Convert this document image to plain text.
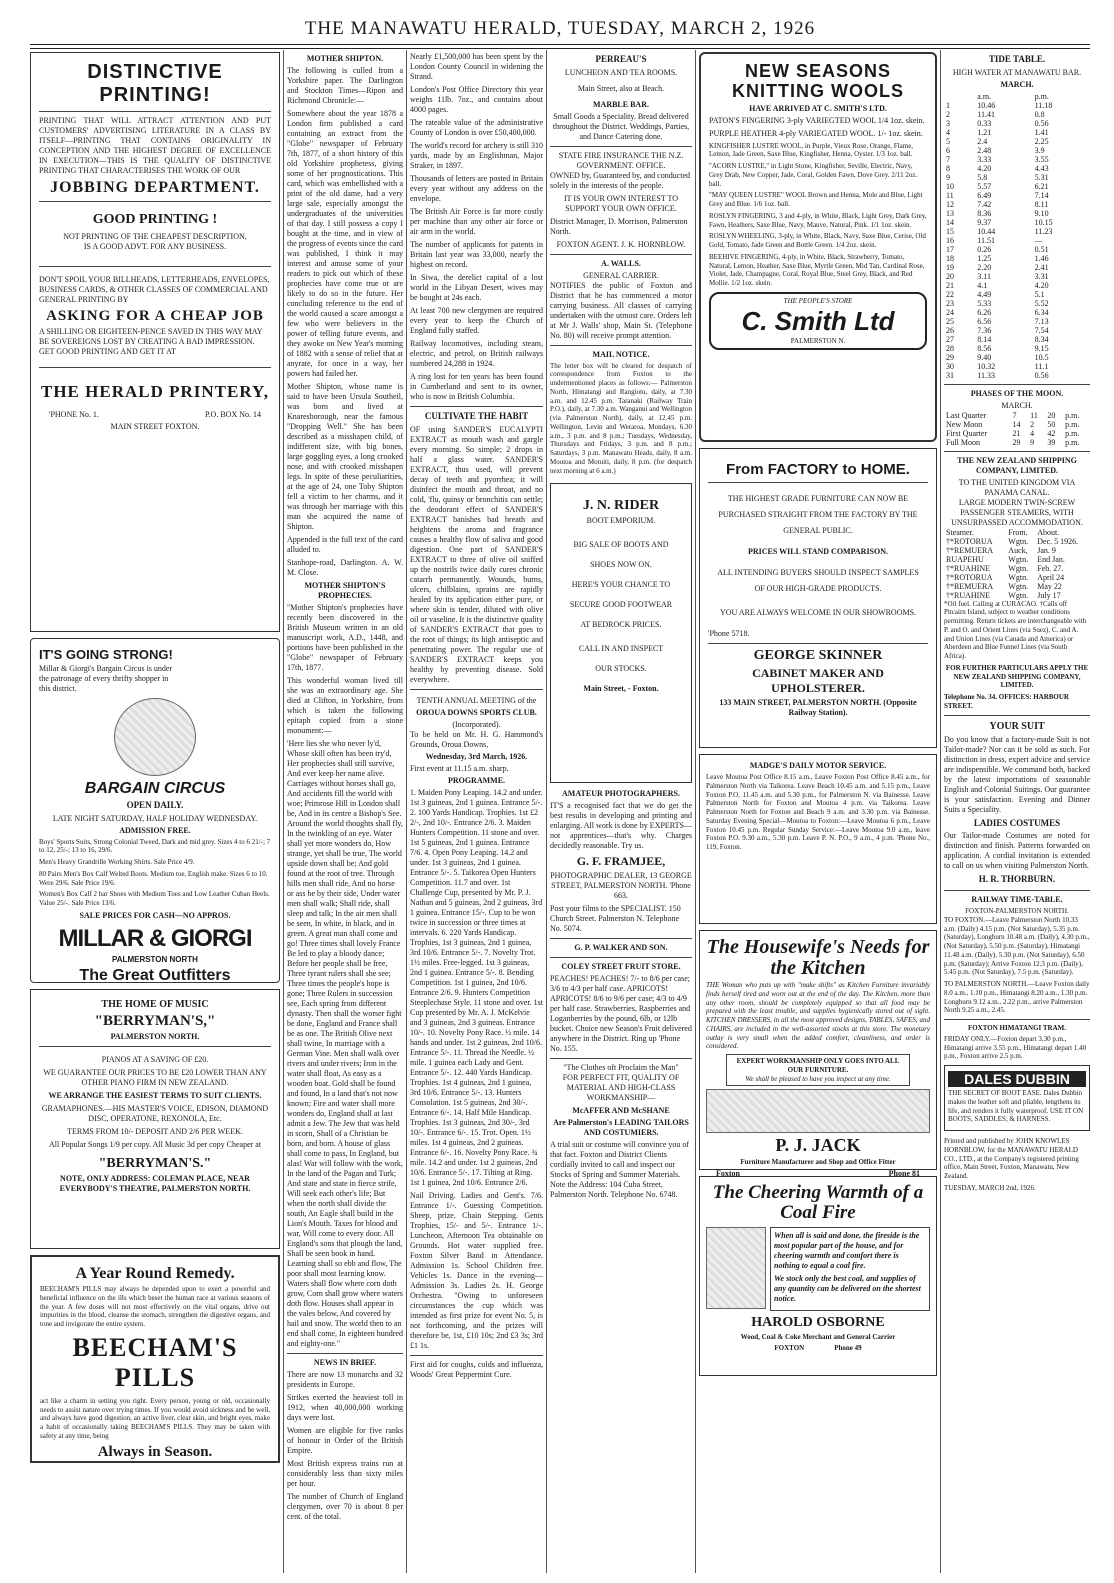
THE MANAWATU HERALD, TUESDAY, MARCH 2, 1926
DISTINCTIVE PRINTING!

PRINTING THAT WILL ATTRACT ATTENTION AND PUT CUSTOMERS' ADVERTISING LITERATURE IN A CLASS BY ITSELF—PRINTING THAT CONTAINS ORIGINALITY IN CONCEPTION AND THE HIGHEST DEGREE OF EXCELLENCE IN EXECUTION—THIS IS THE QUALITY OF DISTINCTIVE PRINTING THAT CHARACTERISES THE WORK OF OUR

JOBBING DEPARTMENT.
GOOD PRINTING !

NOT PRINTING OF THE CHEAPEST DESCRIPTION, IS A GOOD ADVT. FOR ANY BUSINESS.

DON'T SPOIL YOUR BILLHEADS, LETTERHEADS, ENVELOPES, BUSINESS CARDS, & OTHER CLASSES OF COMMERCIAL AND GENERAL PRINTING BY

ASKING FOR A CHEAP JOB

A SHILLING OR EIGHTEEN-PENCE SAVED IN THIS WAY MAY BE SOVEREIGNS LOST BY CREATING A BAD IMPRESSION. GET GOOD PRINTING AND GET IT AT

THE HERALD PRINTERY,
'PHONE No. 1.	P.O. BOX No. 14
MAIN STREET FOXTON.
IT'S GOING STRONG!

Millar & Giorgi's Bargain Circus is under the patronage of every thrifty shopper in this district.

BARGAIN CIRCUS
OPEN DAILY.
LATE NIGHT SATURDAY, HALF HOLIDAY WEDNESDAY.
ADMISSION FREE.

Boys' Sports Suits, Strong Colonial Tweed, Dark and mid grey. Sizes 4 to 6 21/-; 7 to 12, 25/-; 13 to 16, 29/6.

Men's Heavy Grandrille Working Shirts. Sale Price 4/9.

80 Pairs Men's Box Calf Welted Boots. Medium toe, English make. Sizes 6 to 10. Were 29/6. Sale Price 19/6.

Women's Box Calf 2 bar Shoes with Medium Toes and Low Leather Cuban Heels. Value 25/-. Sale Price 13/6.

SALE PRICES FOR CASH—NO APPROS.
MILLAR & GIORGI
PALMERSTON NORTH
The Great Outfitters
THE HOME OF MUSIC
"BERRYMAN'S,"
PALMERSTON NORTH.

PIANOS AT A SAVING OF £20.

WE GUARANTEE OUR PRICES TO BE £20 LOWER THAN ANY OTHER PIANO FIRM IN NEW ZEALAND.

WE ARRANGE THE EASIEST TERMS TO SUIT CLIENTS.

GRAMAPHONES.—HIS MASTER'S VOICE, EDISON, DIAMOND DISC, OPERATONE, REXONOLA, Etc.

TERMS FROM 10/- DEPOSIT AND 2/6 PER WEEK.

All Popular Songs 1/9 per copy. All Music 3d per copy Cheaper at

"BERRYMAN'S."

NOTE, ONLY ADDRESS: COLEMAN PLACE, NEAR EVERYBODY'S THEATRE, PALMERSTON NORTH.

A Year Round Remedy.

BEECHAM'S PILLS may always be depended upon to exert a powerful and beneficial influence on the ills which beset the human race at various seasons of the year. A few doses will not most effectively on the vital organs, drive out impurities in the blood, cleanse the stomach, strengthen the digestive organs, and tone and invigorate the entire system.

BEECHAM'S PILLS

act like a charm in setting you right. Every person, young or old, occasionally needs to assist nature over trying times. If you would avoid sickness and be well, and always have good digestion, an active liver, clear skin, and bright eyes, make a habit of occasionally taking BEECHAM'S PILLS. They may be taken with safety at any time, being

Always in Season.
MOTHER SHIPTON.

The following is culled from a Yorkshire paper. The Darlington and Stockton Times—Ripon and Richmond Chronicle:—

Somewhere about the year 1878 a London firm published a card containing an extract from the "Globe" newspaper of February 7th, 1877, of a short history of this old Yorkshire prophetess, giving some of her prognostications. This card, which was embellished with a print of the old dame, had a very large sale, especially amongst the undergraduates of the universities of that day. I still possess a copy I bought at the time, and in view of the progress of events since the card was published, I think it may interest and amuse some of your readers to pick out which of these prophecies have come true or are likely to do so in the future. Her concluding reference to the end of the world caused a scare amongst a few who were believers in the power of telling future events, and they awoke on New Year's morning of 1882 with a sense of relief that at anyrate, for once in a way, her powers had failed her.

Mother Shipton, whose name is said to have been Ursula Southeil, was born and lived at Knaresborough, near the famous "Dropping Well." She has been described as a misshapen child, of indifferent size, with big bones, large goggling eyes, a long crooked nose, and with crooked misshapen legs. In spite of these peculiarities, at the age of 24, one Toby Shipton fell a victim to her charms, and it was through her marriage with this man she acquired the name of Shipton.

Appended is the full text of the card alluded to.

Stanhope-road, Darlington. A. W. M. Close.

MOTHER SHIPTON'S PROPHECIES.

"Mother Shipton's prophecies have recently been discovered in the British Museum written in an old manuscript work, A.D., 1448, and portions have been published in the "Globe" newspaper of February 17th, 1877.

This wonderful woman lived till she was an extraordinary age. She died at Clifton, in Yorkshire, from which is taken the following epitaph copied from a stone monument:—

'Here lies she who never ly'd, Whose skill often has been try'd, Her prophecies shall still survive, And ever keep her name alive. Carriages without horses shall go, And accidents fill the world with woe; Primrose Hill in London shall be, And in its centre a Bishop's See. Around the world thoughts shall fly, In the twinkling of an eye. Water shall yet more wonders do, How strange, yet shall be true, The world upside down shall be; And gold found at the root of tree. Through hills men shall ride, And no horse or ass be by their side, Under water men shall walk; Shall ride, shall sleep and talk; In the air men shall be seen, In white, in black, and in green. A great man shall come and go! Three times shall lovely France Be led to play a bloody dance; Before her people shall be free, Three tyrant rulers shall she see; Three times the people's hope is gone; Three Rulers in succession see, Each spring from different dynasty. Then shall the worser fight be done, England and France shall be as one. The British Olive next shall twine, In marriage with a German Vine. Men shall walk over rivers and under rivers; Iron in the water shall float, As easy as a wooden boat. Gold shall be found and found, In a land that's not now known; Fire and water shall more wonders do, England shall at last admit a Jew. The Jew that was held in scorn, Shall of a Christian be born, and born. A house of glass shall come to pass, In England, but alas! War will follow with the work, In the land of the Pagan and Turk; And state and state in fierce strife, Will seek each other's life; But when the north shall divide the south, An Eagle shall build in the Lion's Mouth. Taxes for blood and war, Will come to every door. All England's sons that plough the land, Shall be seen book in hand. Learning shall so ebb and flow, The poor shall most learning know. Waters shall flow where corn doth grow, Corn shall grow where waters doth flow. Houses shall appear in the vales below, And covered by hail and snow. The world then to an end shall come, In eighteen hundred and eighty-one."

NEWS IN BRIEF.

There are now 13 monarchs and 32 presidents in Europe.

Strikes exerted the heaviest toll in 1912, when 40,000,000 working days were lost.

Women are eligible for five ranks of honour in Order of the British Empire.

Most British express trains run at considerably less than sixty miles per hour.

The number of Church of England clergymen, over 70 is about 8 per cent. of the total.

Nearly £1,500,000 has been spent by the London County Council in widening the Strand.

London's Post Office Directory this year weighs 11lb. 7oz., and contains about 4000 pages.

The rateable value of the administrative County of London is over £50,400,000.

The world's record for archery is still 310 yards, made by an Englishman, Major Straker, in 1897.

Thousands of letters are posted in Britain every year without any address on the envelope.

The British Air Force is far more costly per machine than any other air force or air arm in the world.

The number of applicants for patents in Britain last year was 33,000, nearly the highest on record.

In Siwa, the derelict capital of a lost world in the Libyan Desert, wives may be bought at 24s each.

At least 700 new clergymen are required every year to keep the Church of England fully staffed.

Railway locomotives, including steam, electric, and petrol, on British railways numbered 24,288 in 1924.

A ring lost for ten years has been found in Cumberland and sent to its owner, who is now in British Columbia.

CULTIVATE THE HABIT

OF using SANDER'S EUCALYPTI EXTRACT as mouth wash and gargle every morning. So simple; 2 drops in half a glass water. SANDER'S EXTRACT, thus used, will prevent decay of teeth and pyorrhea; it will disinfect the mouth and throat, and no cold, 'flu, quinsy or bronchitis can settle; the deodorant effect of SANDER'S EXTRACT banishes bad breath and heightens the aroma and fragrance causes a healthy flow of saliva and good digestion. One part of SANDER'S EXTRACT to three of olive oil sniffed up the nostrils twice daily cures chronic catarrh permanently. Wounds, burns, ulcers, chilblains, sprains are rapidly healed by its application either pure, or where skin is tender, diluted with olive oil or vaseline. It is the distinctive quality of SANDER'S EXTRACT that goes to the root of things; its high antiseptic and penetrating power. The regular use of SANDER'S EXTRACT keeps you healthy by preventing disease. Sold everywhere.

TENTH ANNUAL MEETING of the
OROUA DOWNS SPORTS CLUB.
(Incorporated).
To be held on Mr. H. G. Hammond's Grounds, Oroua Downs,
Wednesday, 3rd March, 1926.
First event at 11.15 a.m. sharp.
PROGRAMME.

1. Maiden Pony Leaping. 14.2 and under. 1st 3 guineas, 2nd 1 guinea. Entrance 5/-. 2. 100 Yards Handicap. Trophies. 1st £2 2/-, 2nd 10/-. Entrance 2/6. 3. Maiden Hunters Competition. 11 stone and over. 1st 5 guineas, 2nd 1 guinea. Entrance 7/6. 4. Open Pony Leaping. 14.2 and under. 1st 3 guineas, 2nd 1 guinea. Entrance 5/-. 5. Taikorea Open Hunters Competition. 11.7 and over. 1st Challenge Cup, presented by Mr. P. J. Nathan and 5 guineas, 2nd 2 guineas, 3rd 1 guinea. Entrance 15/-. Cup to be won twice in succession or three times at intervals. 6. 220 Yards Handicap. Trophies, 1st 3 guineas, 2nd 1 guinea, 3rd 10/6. Entrance 5/-. 7. Novelty Trot. 1½ miles. Free-legged. 1st 3 guineas, 2nd 1 guinea. Entrance 5/-. 8. Bending Competition. 1st 1 guinea, 2nd 10/6. Entrance 2/6. 9. Hunters Competition Steeplechase Style. 11 stone and over. 1st Cup presented by Mr. A. J. McKelvie and 3 guineas, 2nd 3 guineas. Entrance 10/-. 10. Novelty Pony Race. ½ mile. 14 hands and under. 1st 2 guineas, 2nd 10/6. Entrance 5/-. 11. Thread the Needle. ½ mile. 1 guinea each Lady and Gent. Entrance 5/-. 12. 440 Yards Handicap. Trophies. 1st 4 guineas, 2nd 1 guinea, 3rd 10/6. Entrance 5/-. 13. Hunters Consolation. 1st 5 guineas, 2nd 30/-. Entrance 6/-. 14. Half Mile Handicap. Trophies. 1st 3 guineas, 2nd 30/-, 3rd 10/-. Entrance 6/-. 15. Trot. Open. 1½ miles. 1st 4 guineas, 2nd 2 guineas. Entrance 6/-. 16. Novelty Pony Race. ¾ mile. 14.2 and under. 1st 2 guineas, 2nd 10/6. Entrance 5/-. 17. Tilting at Ring. 1st 1 guinea, 2nd 10/6. Entrance 2/6.

Nail Driving. Ladies and Gent's. 7/6. Entrance 1/-. Guessing Competition. Sheep, prize. Chain Stepping. Gents Trophies, 15/- and 5/-. Entrance 1/-. Luncheon, Afternoon Tea obtainable on Grounds. Hot water supplied free. Foxton Silver Band in Attendance. Admission 1s. School Children free. Vehicles 1s. Dance in the evening—Admission 3s. Ladies 2s. H. George Orchestra. "Owing to unforeseen circumstances the cup which was intended as first prize for event No. 5, is not forthcoming, and the prizes will therefore be, 1st, £10 10s; 2nd £3 3s; 3rd £1 1s.

First aid for coughs, colds and influenza, Woods' Great Peppermint Cure.

PERREAU'S
LUNCHEON AND TEA ROOMS.
Main Street, also at Beach.
MARBLE BAR.

Small Goods a Speciality. Bread delivered throughout the District. Weddings, Parties, and Dance Catering done.

STATE FIRE INSURANCE THE N.Z. GOVERNMENT. OFFICE.

OWNED by, Guaranteed by, and conducted solely in the interests of the people.

IT IS YOUR OWN INTEREST TO SUPPORT YOUR OWN OFFICE.

District Manager, D. Morrison, Palmerston North.

FOXTON AGENT. J. K. HORNBLOW.

A. WALLS.
GENERAL CARRIER.

NOTIFIES the public of Foxton and District that he has commenced a motor carrying business. All classes of carrying undertaken with the utmost care. Orders left at Mr J. Walls' shop, Main St. (Telephone No. 80) will receive prompt attention.

MAIL NOTICE.

The letter box will be cleared for despatch of correspondence from Foxton to the undermentioned places as follows:— Palmerston North, Himatangi and Rangiotu, daily, at 7.30 a.m. and 12.45 p.m. Taranaki (Railway Train P.O.), daily, at 7.30 a.m. Wanganui and Wellington (via Palmerston North), daily, at 12.45 p.m. Wellington, Levin and Weraroa, Mondays, 6.30 a.m., 3 p.m. and 8 p.m.; Tuesdays, Wednesday, Thursdays and Fridays, 3 p.m. and 8 p.m.; Saturdays, 3 p.m. Manawatu Heads, daily, 8 a.m. Moutoa and Motuiti, daily, 8 p.m. (for despatch next morning at 6 a.m.)

J. N. RIDER
BOOT EMPORIUM.
BIG SALE OF BOOTS AND
SHOES NOW ON.
HERE'S YOUR CHANCE TO
SECURE GOOD FOOTWEAR
AT BEDROCK PRICES.
CALL IN AND INSPECT
OUR STOCKS.
Main Street, - Foxton.
AMATEUR PHOTOGRAPHERS.

IT'S a recognised fact that we do get the best results in developing and printing and enlarging. All work is done by EXPERTS—not apprentices—that's why. Charges decidedly reasonable. Try us.

G. F. FRAMJEE,

PHOTOGRAPHIC DEALER, 13 GEORGE STREET, PALMERSTON NORTH. 'Phone 663.

Post your films to the SPECIALIST. 150 Church Street. Palmerston N. Telephone No. 5074.

G. P. WALKER AND SON.
COLEY STREET FRUIT STORE.

PEACHES! PEACHES! 7/- to 8/6 per case; 3/6 to 4/3 per half case. APRICOTS! APRICOTS! 8/6 to 9/6 per case; 4/3 to 4/9 per half case. Strawberries, Raspberries and Loganberries by the pound, 6lb, or 12lb bucket. Choice new Season's Fruit delivered anywhere in the District. Ring up 'Phone No. 155.

"The Clothes oft Proclaim the Man"

FOR PERFECT FIT, QUALITY OF MATERIAL AND HIGH-CLASS WORKMANSHIP—

McAFFER AND McSHANE
Are Palmerston's LEADING TAILORS AND COSTUMIERS.

A trial suit or costume will convince you of that fact. Foxton and District Clients cordially invited to call and inspect our Stocks of Spring and Summer Materials. Note the Address: 104 Cuba Street, Palmerston North. Telephone No. 6748.

NEW SEASONS KNITTING WOOLS
HAVE ARRIVED AT C. SMITH'S LTD.

PATON'S FINGERING 3-ply VARIEGTED WOOL 1/4 1oz. skein.

PURPLE HEATHER 4-ply VARIEGATED WOOL. 1/- 1oz. skein.

KINGFISHER LUSTRE WOOL, in Purple, Vieux Rose, Orange, Flame, Lemon, Jade Green, Saxe Blue, Kingfisher, Henna, Oyster. 1/3 1oz. ball.

"ACORN LUSTRE," in Light Stone, Kingfisher, Seville, Electric, Navy, Grey Drab, New Copper, Jade, Coral, Golden Fawn, Dove Grey. 2/11 2oz. ball.

"MAY QUEEN LUSTRE" WOOL Brown and Henna, Mole and Blue, Light Grey and Blue. 1/6 1oz. ball.

ROSLYN FINGERING, 3 and 4-ply, in White, Black, Light Grey, Dark Grey, Fawn, Heathers, Saxe Blue, Navy, Mauve, Natural, Pink. 1/1 1oz. skein.

ROSLYN WHEELING, 3-ply, in White, Black, Navy, Saxe Blue, Cerise, Old Gold, Tomato, Jade Green and Bottle Green. 1/4 2oz. skein.

BEEHIVE FINGERING, 4-ply, in White, Black, Strawberry, Tomato, Natural, Lemon, Heather, Saxe Blue, Myrtle Green, Mid Tan, Cardinal Rose, Violet, Jade, Champagne, Coral, Royal Blue, Steel Grey, Black, and Red Mollie. 1/2 1oz. skein.

THE PEOPLE'S STORE
C. Smith Ltd
PALMERSTON N.
From FACTORY to HOME.

THE HIGHEST GRADE FURNITURE CAN NOW BE PURCHASED STRAIGHT FROM THE FACTORY BY THE GENERAL PUBLIC.

PRICES WILL STAND COMPARISON.

ALL INTENDING BUYERS SHOULD INSPECT SAMPLES OF OUR HIGH-GRADE PRODUCTS.

YOU ARE ALWAYS WELCOME IN OUR SHOWROOMS.

'Phone 5718.
GEORGE SKINNER
CABINET MAKER AND UPHOLSTERER.

133 MAIN STREET, PALMERSTON NORTH. (Opposite Railway Station).

MADGE'S DAILY MOTOR SERVICE.

Leave Moutoa Post Office 8.15 a.m., Leave Foxton Post Office 8.45 a.m., for Palmerston North via Taikorea. Leave Beach 10.45 a.m. and 5.15 p.m., Leave Foxton P.O. 11.45 a.m. and 5.30 p.m., for Palmerston N. via Bainesse. Leave Palmerston North for Foxton and Moutoa 4 p.m. via Taikorea. Leave Palmerston North for Foxton and Beach 9 a.m. and 3.30 p.m. via Bainesse. Saturday Evening Special—Moutoa to Foxton:—Leave Moutoa 6 p.m., Leave Foxton 10.45 p.m. Regular Sunday Service:—Leave Moutoa 9.0 a.m., leave Foxton P.O. 9.30 a.m., 5.30 p.m. Leave P. N. P.O., 9 a.m., 4 p.m. 'Phone No., 119, Foxton.

The Housewife's Needs for the Kitchen

THE Woman who puts up with "make shifts" as Kitchen Furniture invariably finds herself tired and worn out at the end of the day. The Kitchen, more than any other room, should be completely equipped so that all food may be prepared with the least trouble, and supplies hygienically stored out of sight. KITCHEN DRESSERS, in all the most approved designs, TABLES, SAFES, and CHAIRS, are included in the well-assorted stocks at this store. The monetary outlay is very small when the added comfort, cleanliness, and order is considered.

EXPERT WORKMANSHIP ONLY GOES INTO ALL OUR FURNITURE.
We shall be pleased to have you inspect at any time.
P. J. JACK
Furniture Manufacturer and Shop and Office Fitter
Foxton	Phone 81
The Cheering Warmth of a Coal Fire

When all is said and done, the fireside is the most popular part of the house, and for cheering warmth and comfort there is nothing to equal a coal fire.

We stock only the best coal, and supplies of any quantity can be delivered on the shortest notice.

HAROLD OSBORNE
Wood, Coal & Coke Merchant and General Carrier
FOXTON	Phone 49
TIDE TABLE.
HIGH WATER AT MANAWATU BAR.
MARCH.
	a.m.	p.m.
1	10.46	11.18
2	11.41	0.8
3	0.33	0.56
4	1.21	1.41
5	2.4	2.25
6	2.48	3.9
7	3.33	3.55
8	4.20	4.43
9	5.8	5.31
10	5.57	6.21
11	6.49	7.14
12	7.42	8.11
13	8.36	9.10
14	9.37	10.15
15	10.44	11.23
16	11.51	—
17	0.26	0.51
18	1.25	1.46
19	2.20	2.41
20	3.11	3.31
21	4.1	4.20
22	4.49	5.1
23	5.33	5.52
24	6.26	6.34
25	6.56	7.13
26	7.36	7.54
27	8.14	8.34
28	8.56	9.15
29	9.40	10.5
30	10.32	11.1
31	11.33	0.56
PHASES OF THE MOON.
MARCH.
Last Quarter	7	11	20	p.m.
New Moon	14	2	50	p.m.
First Quarter	21	4	42	p.m.
Full Moon	29	9	39	p.m.
THE NEW ZEALAND SHIPPING COMPANY, LIMITED.
TO THE UNITED KINGDOM VIA PANAMA CANAL.
LARGE MODERN TWIN-SCREW PASSENGER STEAMERS, WITH UNSURPASSED ACCOMMODATION.
Steamer.	From.	About.
†*ROTORUA	Wgtn.	Dec. 5 1926.
†*REMUERA	Auck,	Jan. 9
RUAPEHU	Wgtn.	End Jan.
†*RUAHINE	Wgtn.	Feb. 27.
†*ROTORUA	Wgtn.	April 24
†*REMUERA	Wgtn.	May 22
†*RUAHINE	Wgtn.	July 17

*Oil fuel. Calling at CURACAO. †Calls off Pitcairn Island, subject to weather conditions permitting. Return tickets are interchangeable with P. and O. and Orient Lines (via Suez), C. and A. and Union Lines (via Canada and America) or Aberdeen and Blue Funnel Lines (via South Africa).

FOR FURTHER PARTICULARS APPLY THE NEW ZEALAND SHIPPING COMPANY, LIMITED.

Telephone No. 34. OFFICES: HARBOUR STREET.

YOUR SUIT

Do you know that a factory-made Suit is not Tailor-made? Nor can it be sold as such. For distinction in dress, expert advice and service are indispensible. We command both, backed by the latest importations of seasonable English and Colonial Suitings. Our guarantee is your satisfaction. Evening and Dinner Suits a Speciality.

LADIES COSTUMES

Our Tailor-made Costumes are noted for distinction and finish. Patterns forwarded on application. A cordial invitation is extended to call on us when visiting Palmerston North.

H. R. THORBURN.
RAILWAY TIME-TABLE.
FOXTON-PALMERSTON NORTH.

TO FOXTON.—Leave Palmerston North 10.33 a.m. (Daily) 4.15 p.m. (Not Saturday), 5.35 p.m. (Saturday), Longburn 10.48 a.m. (Daily), 4.30 p.m., (Not Saturday), 5.50 p.m. (Saturday), Himatangi 11.48 a.m. (Daily), 5.30 p.m. (Not Saturday), 6.50 p.m. (Saturday); Arrive Foxton 12.3 p.m. (Daily), 5.45 p.m. (Not Saturday), 7.5 p.m. (Saturday).

TO PALMERSTON NORTH.—Leave Foxton daily 8.0 a.m., 1.10 p.m., Himatangi 8.20 a.m., 1.30 p.m. Longburn 9.12 a.m., 2.22 p.m., arrive Palmerston North 9.25 a.m., 2.45.

FOXTON HIMATANGI TRAM.

FRIDAY ONLY.—Foxton depart 3.30 p.m., Himatangi arrive 3.55 p.m., Himatangi depart 1.40 p.m., Foxton arrive 2.5 p.m.

DALES DUBBIN

THE SECRET OF BOOT EASE. Dales Dubbin makes the leather soft and pliable, lengthens its life, and renders it fully waterproof. USE IT ON BOOTS, SADDLES, & HARNESS.

Printed and published by JOHN KNOWLES HORNBLOW, for the MANAWATU HERALD CO., LTD., at the Company's registered printing office, Main Street, Foxton, Manawatu, New Zealand.

TUESDAY, MARCH 2nd, 1926.
